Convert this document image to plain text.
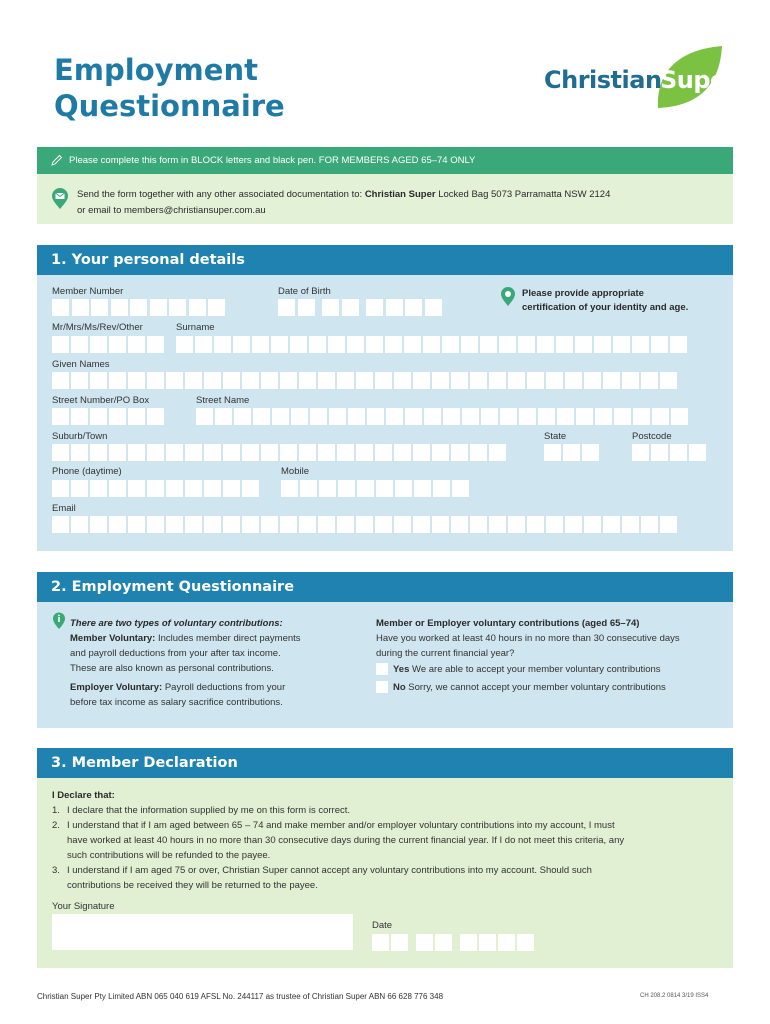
Employment
Questionnaire
Christian
Super
Please complete this form in BLOCK letters and black pen. FOR MEMBERS AGED 65–74 ONLY
Send the form together with any other associated documentation to: Christian Super Locked Bag 5073 Parramatta NSW 2124
or email to members@christiansuper.com.au
1. Your personal details
Member Number	Date of Birth	Please provide appropriate
certification of your identity and age.
Mr/Mrs/Ms/Rev/Other	Surname
Given Names
Street Number/PO Box	Street Name
Suburb/Town	State	Postcode
Phone (daytime)	Mobile
Email
2. Employment Questionnaire
There are two types of voluntary contributions:
Member Voluntary: Includes member direct payments
and payroll deductions from your after tax income.
These are also known as personal contributions.
Employer Voluntary: Payroll deductions from your
before tax income as salary sacrifice contributions.
Member or Employer voluntary contributions (aged 65–74)
Have you worked at least 40 hours in no more than 30 consecutive days
during the current financial year?
Yes We are able to accept your member voluntary contributions
No Sorry, we cannot accept your member voluntary contributions
3. Member Declaration
I Declare that:
1. I declare that the information supplied by me on this form is correct.
2. I understand that if I am aged between 65 – 74 and make member and/or employer voluntary contributions into my account, I must
have worked at least 40 hours in no more than 30 consecutive days during the current financial year. If I do not meet this criteria, any
such contributions will be refunded to the payee.
3. I understand if I am aged 75 or over, Christian Super cannot accept any voluntary contributions into my account. Should such
contributions be received they will be returned to the payee.
Your Signature
Date
Christian Super Pty Limited ABN 065 040 619 AFSL No. 244117 as trustee of Christian Super ABN 66 628 776 348	CH 208.2 0814 3/19 ISS4
